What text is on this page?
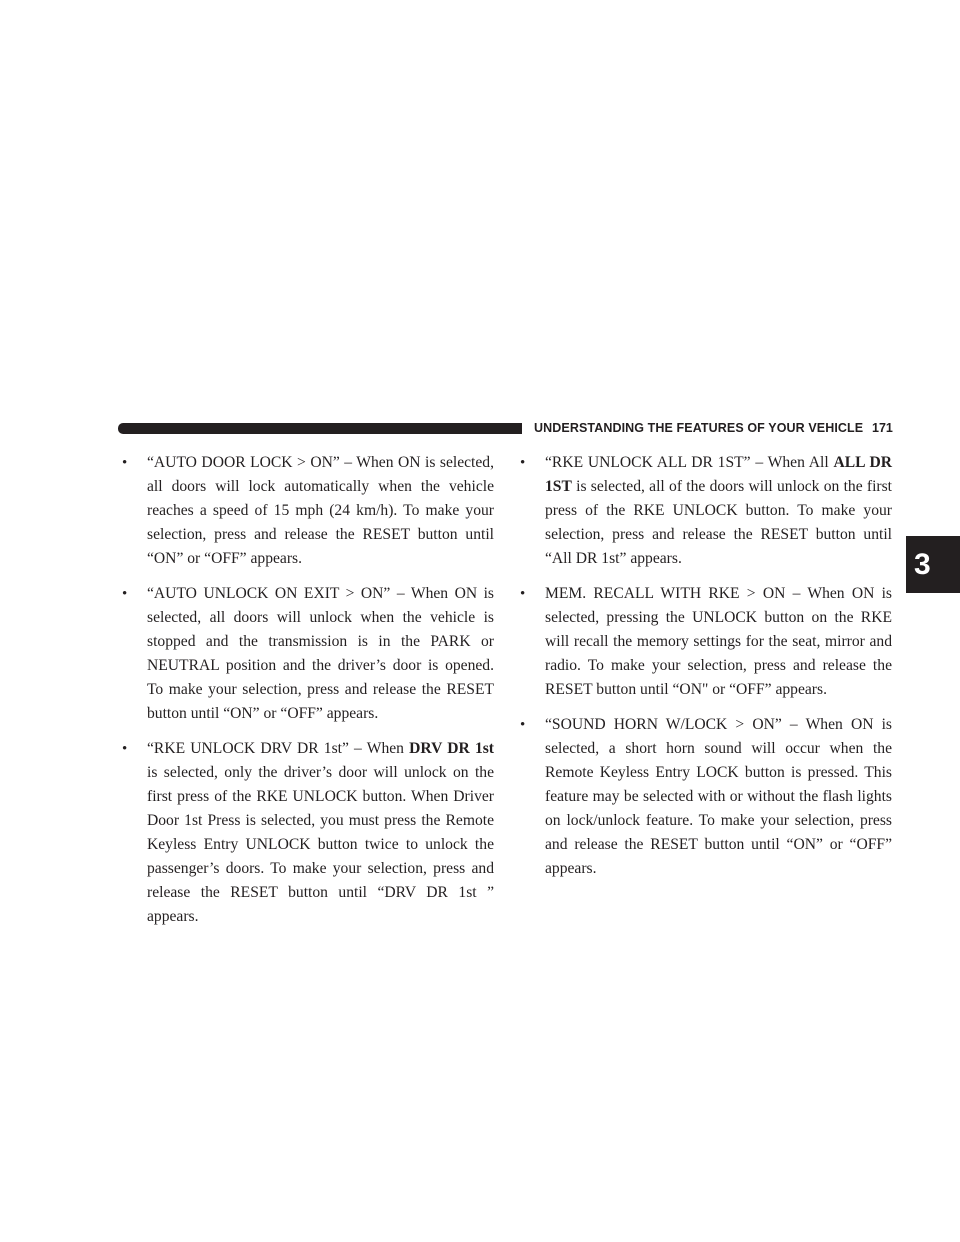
UNDERSTANDING THE FEATURES OF YOUR VEHICLE 171
3
• “AUTO DOOR LOCK > ON” – When ON is selected, all doors will lock automatically when the vehicle reaches a speed of 15 mph (24 km/h). To make your selection, press and release the RESET button until “ON” or “OFF” appears.
• “AUTO UNLOCK ON EXIT > ON” – When ON is selected, all doors will unlock when the vehicle is stopped and the transmission is in the PARK or NEUTRAL position and the driver’s door is opened. To make your selection, press and release the RESET button until “ON” or “OFF” appears.
• “RKE UNLOCK DRV DR 1st” – When DRV DR 1st is selected, only the driver’s door will unlock on the first press of the RKE UNLOCK button. When Driver Door 1st Press is selected, you must press the Remote Keyless Entry UNLOCK button twice to unlock the passenger’s doors. To make your selection, press and release the RESET button until “DRV DR 1st ” appears.
• “RKE UNLOCK ALL DR 1ST” – When All ALL DR 1ST is selected, all of the doors will unlock on the first press of the RKE UNLOCK button. To make your selection, press and release the RESET button until “All DR 1st” appears.
• MEM. RECALL WITH RKE > ON – When ON is selected, pressing the UNLOCK button on the RKE will recall the memory settings for the seat, mirror and radio. To make your selection, press and release the RESET button until “ON" or “OFF” appears.
• “SOUND HORN W/LOCK > ON” – When ON is selected, a short horn sound will occur when the Remote Keyless Entry LOCK button is pressed. This feature may be selected with or without the flash lights on lock/unlock feature. To make your selection, press and release the RESET button until “ON” or “OFF” appears.
